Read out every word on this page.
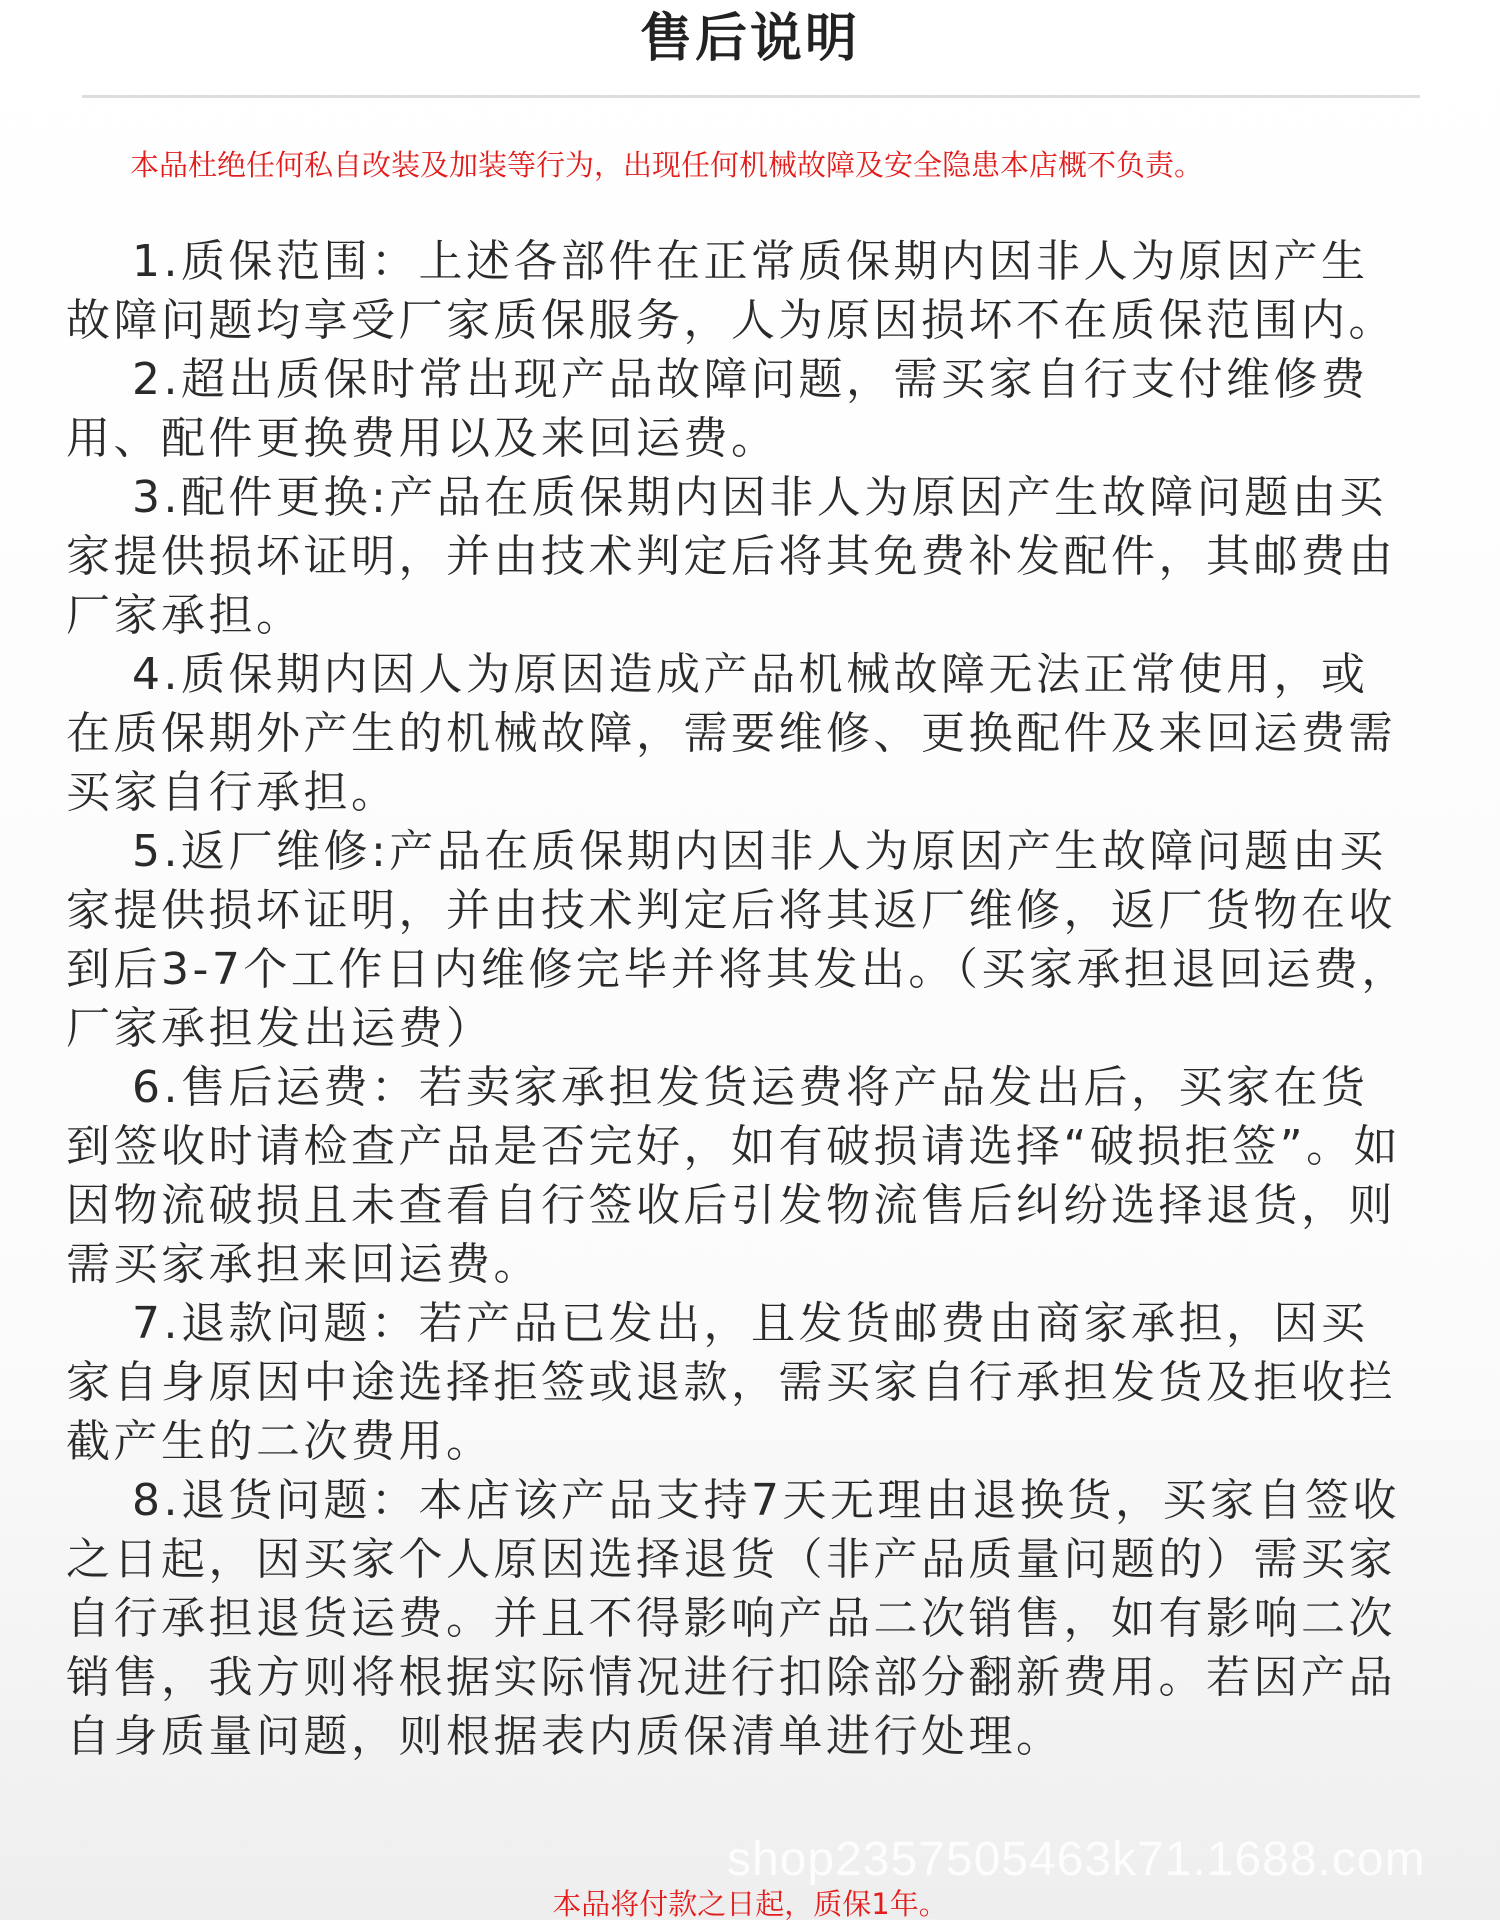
售后说明
本品杜绝任何私自改装及加装等行为，出现任何机械故障及安全隐患本店概不负责。

1.质保范围：上述各部件在正常质保期内因非人为原因产生故障问题均享受厂家质保服务，人为原因损坏不在质保范围内。

2.超出质保时常出现产品故障问题，需买家自行支付维修费用、配件更换费用以及来回运费。

3.配件更换:产品在质保期内因非人为原因产生故障问题由买家提供损坏证明，并由技术判定后将其免费补发配件，其邮费由厂家承担。

4.质保期内因人为原因造成产品机械故障无法正常使用，或在质保期外产生的机械故障，需要维修、更换配件及来回运费需买家自行承担。

5.返厂维修:产品在质保期内因非人为原因产生故障问题由买家提供损坏证明，并由技术判定后将其返厂维修，返厂货物在收到后3-7个工作日内维修完毕并将其发出。（买家承担退回运费，厂家承担发出运费）

6.售后运费：若卖家承担发货运费将产品发出后，买家在货到签收时请检查产品是否完好，如有破损请选择“破损拒签”。如因物流破损且未查看自行签收后引发物流售后纠纷选择退货，则需买家承担来回运费。

7.退款问题：若产品已发出，且发货邮费由商家承担，因买家自身原因中途选择拒签或退款，需买家自行承担发货及拒收拦截产生的二次费用。

8.退货问题：本店该产品支持7天无理由退换货，买家自签收之日起，因买家个人原因选择退货（非产品质量问题的）需买家自行承担退货运费。并且不得影响产品二次销售，如有影响二次销售，我方则将根据实际情况进行扣除部分翻新费用。若因产品自身质量问题，则根据表内质保清单进行处理。

shop2357505463k71.1688.com
本品将付款之日起，质保1年。
